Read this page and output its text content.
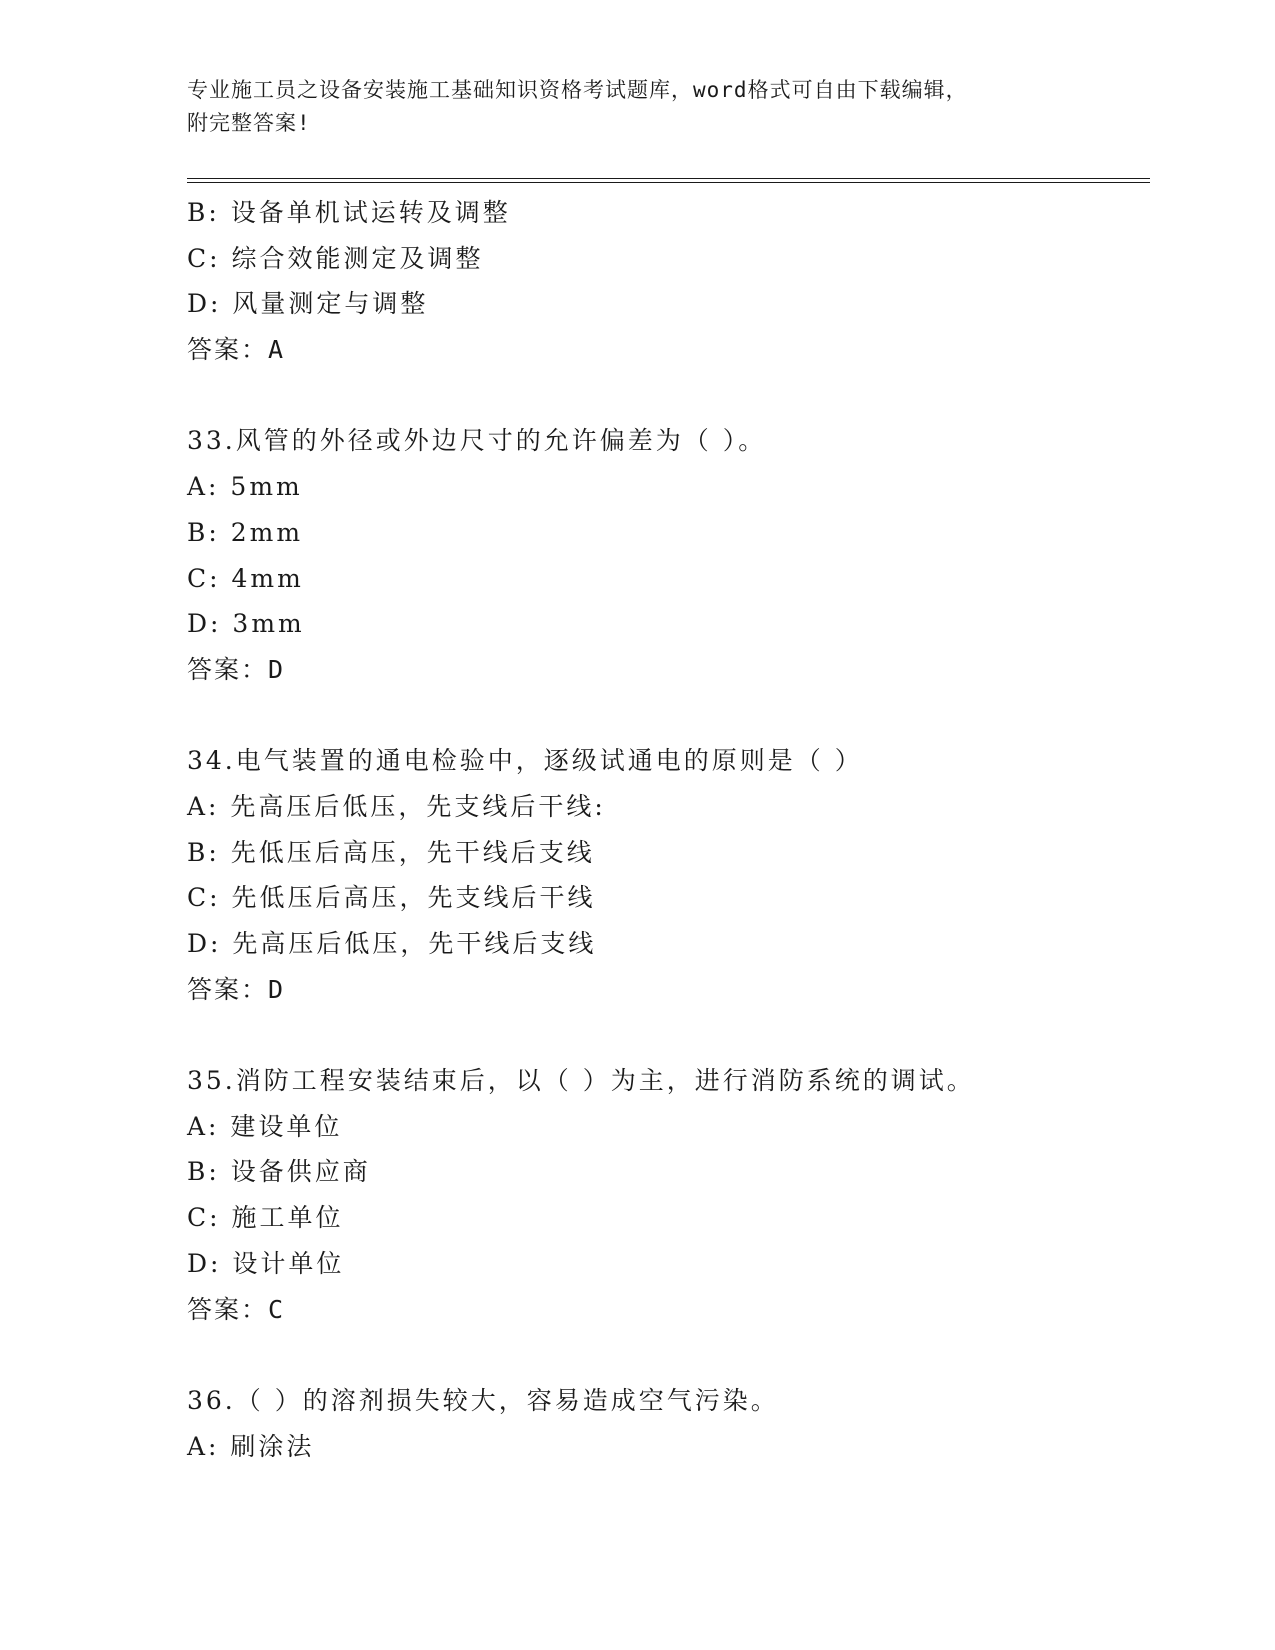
专业施工员之设备安装施工基础知识资格考试题库，word格式可自由下载编辑，
附完整答案!
B: 设备单机试运转及调整
C: 综合效能测定及调整
D: 风量测定与调整
答案：A
33.风管的外径或外边尺寸的允许偏差为（ ）。
A: 5mm
B: 2mm
C: 4mm
D: 3mm
答案：D
34.电气装置的通电检验中，逐级试通电的原则是（ ）
A: 先高压后低压，先支线后干线:
B: 先低压后高压，先干线后支线
C: 先低压后高压，先支线后干线
D: 先高压后低压，先干线后支线
答案：D
35.消防工程安装结束后，以（ ）为主，进行消防系统的调试。
A: 建设单位
B: 设备供应商
C: 施工单位
D: 设计单位
答案：C
36.（ ）的溶剂损失较大，容易造成空气污染。
A: 刷涂法
